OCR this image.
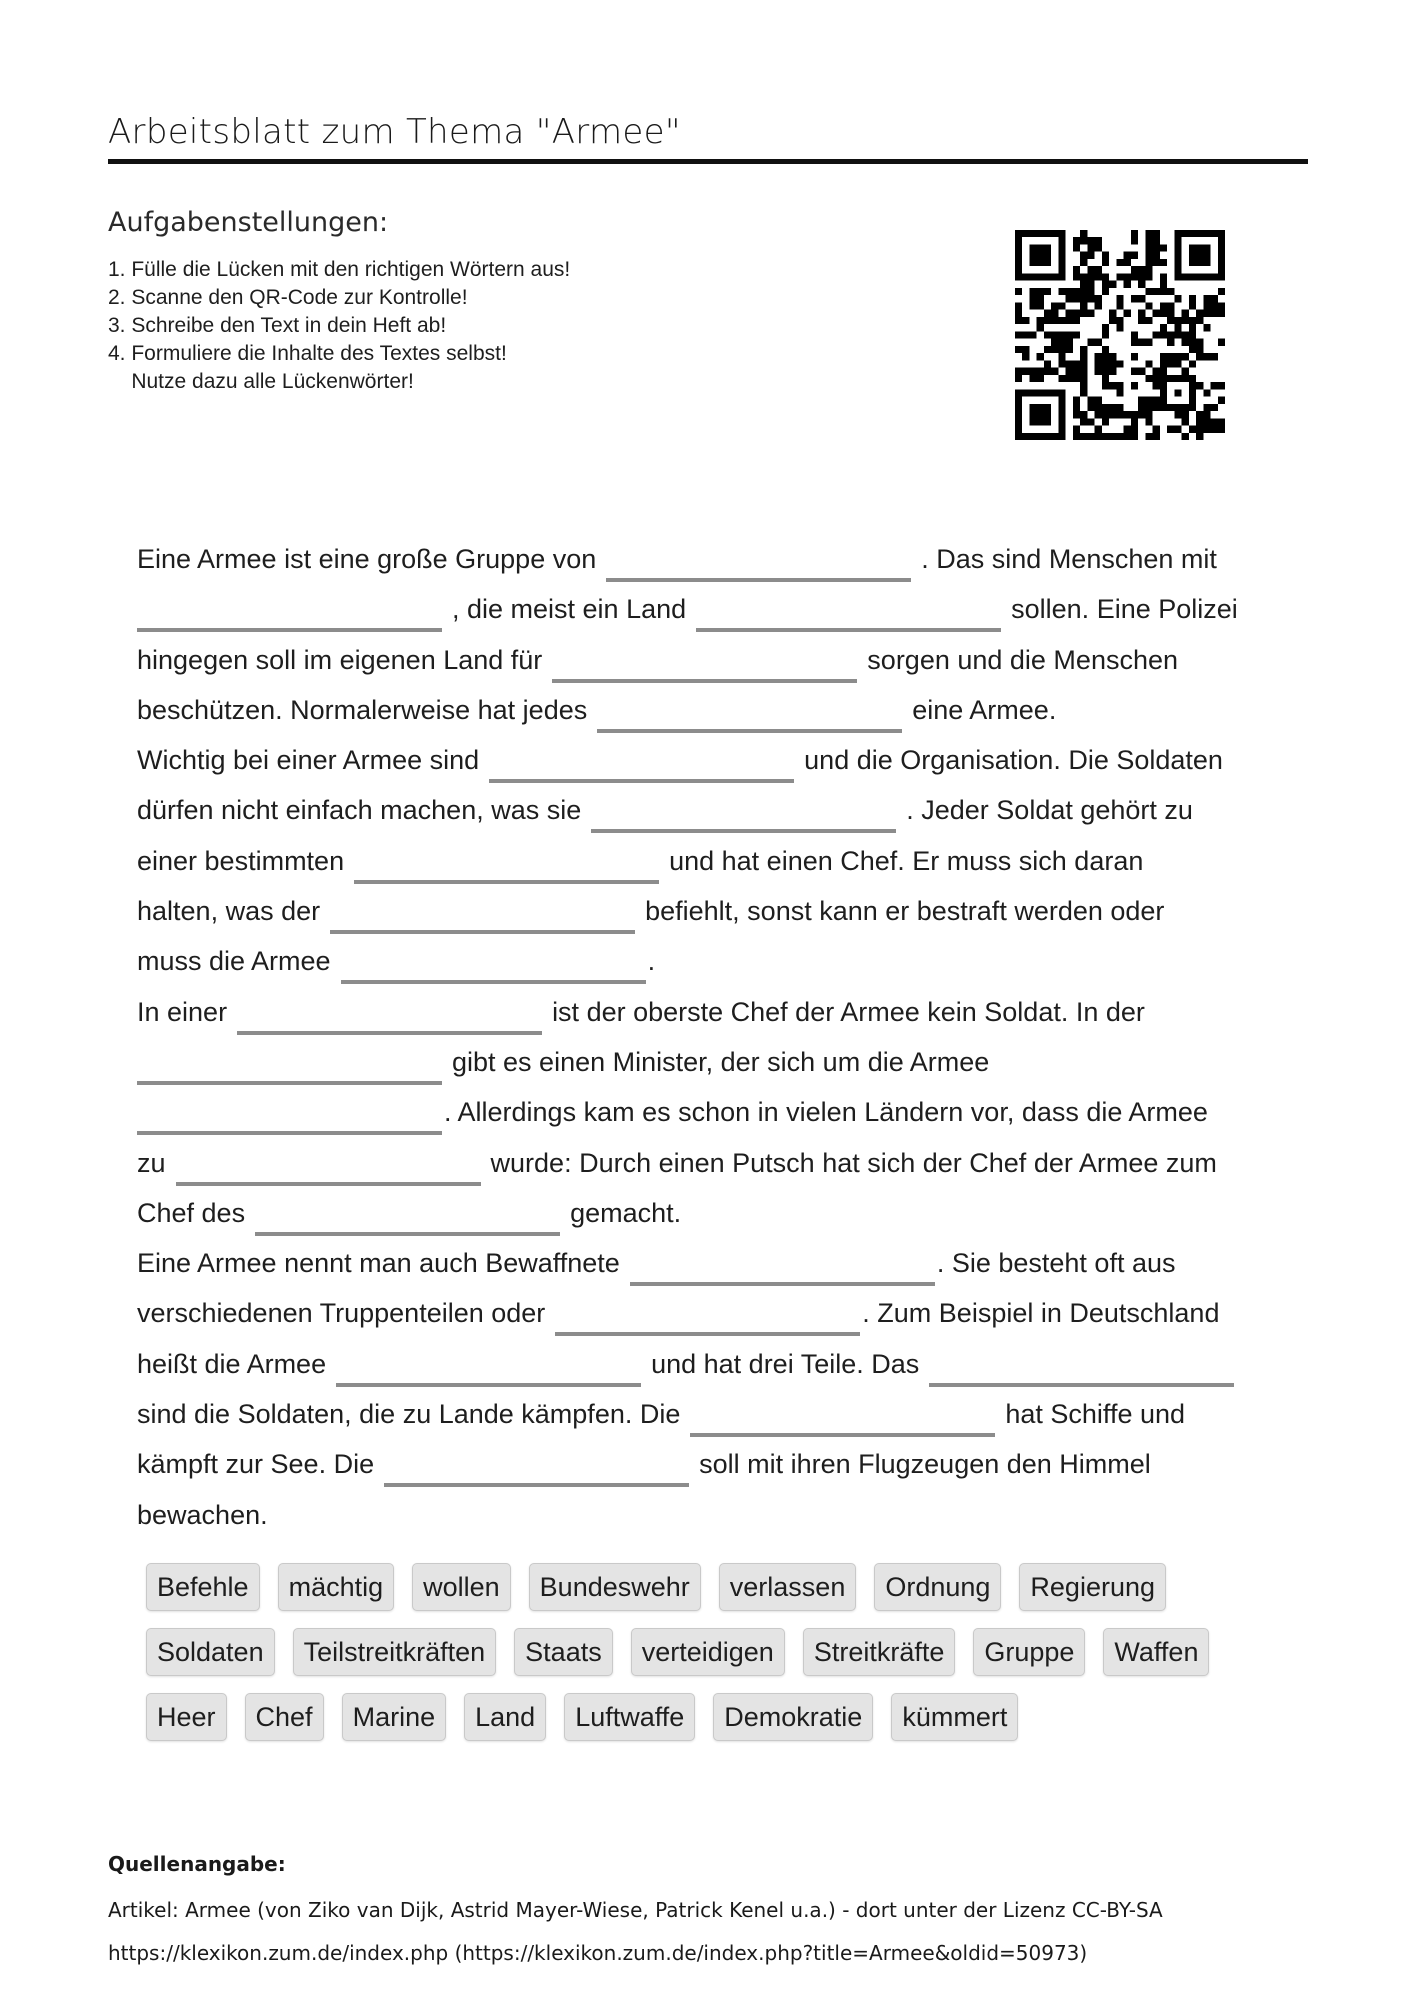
Arbeitsblatt zum Thema "Armee"
Aufgabenstellungen:
1. Fülle die Lücken mit den richtigen Wörtern aus!
2. Scanne den QR-Code zur Kontrolle!
3. Schreibe den Text in dein Heft ab!
4. Formuliere die Inhalte des Textes selbst!
Nutze dazu alle Lückenwörter!
Eine Armee ist eine große Gruppe von	. Das sind Menschen mit
, die meist ein Land	sollen. Eine Polizei
hingegen soll im eigenen Land für	sorgen und die Menschen
beschützen. Normalerweise hat jedes	eine Armee.
Wichtig bei einer Armee sind	und die Organisation. Die Soldaten
dürfen nicht einfach machen, was sie	. Jeder Soldat gehört zu
einer bestimmten	und hat einen Chef. Er muss sich daran
halten, was der	befiehlt, sonst kann er bestraft werden oder
muss die Armee	.
In einer	ist der oberste Chef der Armee kein Soldat. In der
gibt es einen Minister, der sich um die Armee
. Allerdings kam es schon in vielen Ländern vor, dass die Armee
zu	wurde: Durch einen Putsch hat sich der Chef der Armee zum
Chef des	gemacht.
Eine Armee nennt man auch Bewaffnete	. Sie besteht oft aus
verschiedenen Truppenteilen oder	. Zum Beispiel in Deutschland
heißt die Armee	und hat drei Teile. Das
sind die Soldaten, die zu Lande kämpfen. Die	hat Schiffe und
kämpft zur See. Die	soll mit ihren Flugzeugen den Himmel
bewachen.
Befehle	mächtig	wollen	Bundeswehr	verlassen	Ordnung	Regierung
Soldaten	Teilstreitkräften	Staats	verteidigen	Streitkräfte	Gruppe	Waffen
Heer	Chef	Marine	Land	Luftwaffe	Demokratie	kümmert
Quellenangabe:
Artikel: Armee (von Ziko van Dijk, Astrid Mayer-Wiese, Patrick Kenel u.a.) - dort unter der Lizenz CC-BY-SA
https://klexikon.zum.de/index.php (https://klexikon.zum.de/index.php?title=Armee&oldid=50973)
